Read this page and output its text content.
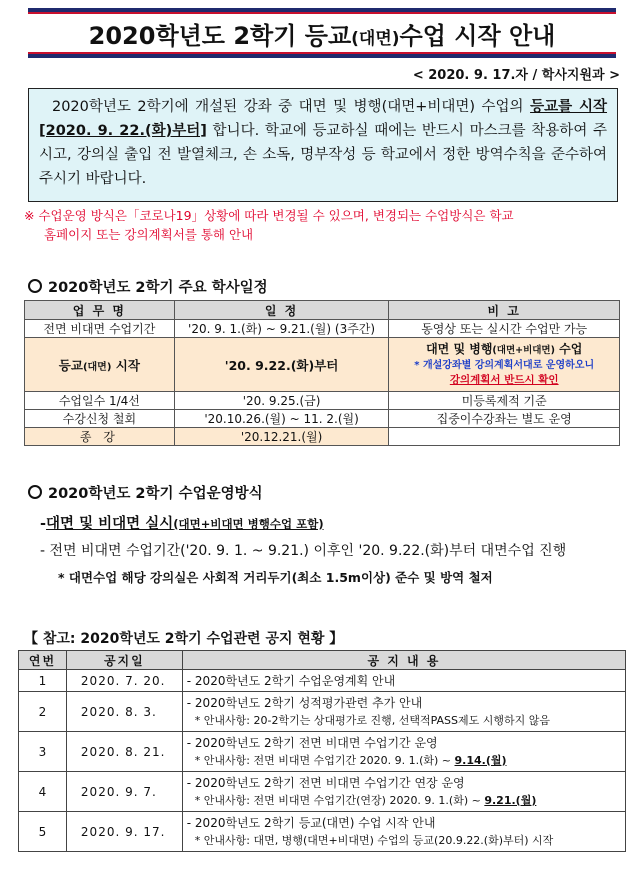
2020학년도 2학기 등교(대면)수업 시작 안내
< 2020. 9. 17.자 / 학사지원과 >
2020학년도 2학기에 개설된 강좌 중 대면 및 병행(대면+비대면) 수업의 등교를 시작[2020. 9. 22.(화)부터] 합니다. 학교에 등교하실 때에는 반드시 마스크를 착용하여 주시고, 강의실 출입 전 발열체크, 손 소독, 명부작성 등 학교에서 정한 방역수칙을 준수하여 주시기 바랍니다.
※ 수업운영 방식은「코로나19」상황에 따라 변경될 수 있으며, 변경되는 수업방식은 학교
홈페이지 또는 강의계획서를 통해 안내
2020학년도 2학기 주요 학사일정
업 무 명	일 정	비 고
전면 비대면 수업기간	'20. 9. 1.(화) ~ 9.21.(월) (3주간)	동영상 또는 실시간 수업만 가능
등교(대면) 시작	'20. 9.22.(화)부터	대면 및 병행(대면+비대면) 수업
* 개설강좌별 강의계획서대로 운영하오니
강의계획서 반드시 확인

수업일수 1/4선	'20. 9.25.(금)	미등록제적 기준
수강신청 철회	'20.10.26.(월) ~ 11. 2.(월)	집중이수강좌는 별도 운영
종 강	'20.12.21.(월)	
2020학년도 2학기 수업운영방식
-대면 및 비대면 실시(대면+비대면 병행수업 포함)
- 전면 비대면 수업기간('20. 9. 1. ~ 9.21.) 이후인 '20. 9.22.(화)부터 대면수업 진행
* 대면수업 해당 강의실은 사회적 거리두기(최소 1.5m이상) 준수 및 방역 철저
【 참고: 2020학년도 2학기 수업관련 공지 현황 】
연번	공지일	공 지 내 용
1	2020. 7. 20.	- 2020학년도 2학기 수업운영계획 안내
2	2020. 8. 3.	- 2020학년도 2학기 성적평가관련 추가 안내
* 안내사항: 20-2학기는 상대평가로 진행, 선택적PASS제도 시행하지 않음

3	2020. 8. 21.	- 2020학년도 2학기 전면 비대면 수업기간 운영
* 안내사항: 전면 비대면 수업기간 2020. 9. 1.(화) ~ 9.14.(월)

4	2020. 9. 7.	- 2020학년도 2학기 전면 비대면 수업기간 연장 운영
* 안내사항: 전면 비대면 수업기간(연장) 2020. 9. 1.(화) ~ 9.21.(월)

5	2020. 9. 17.	- 2020학년도 2학기 등교(대면) 수업 시작 안내
* 안내사항: 대면, 병행(대면+비대면) 수업의 등교(20.9.22.(화)부터) 시작
